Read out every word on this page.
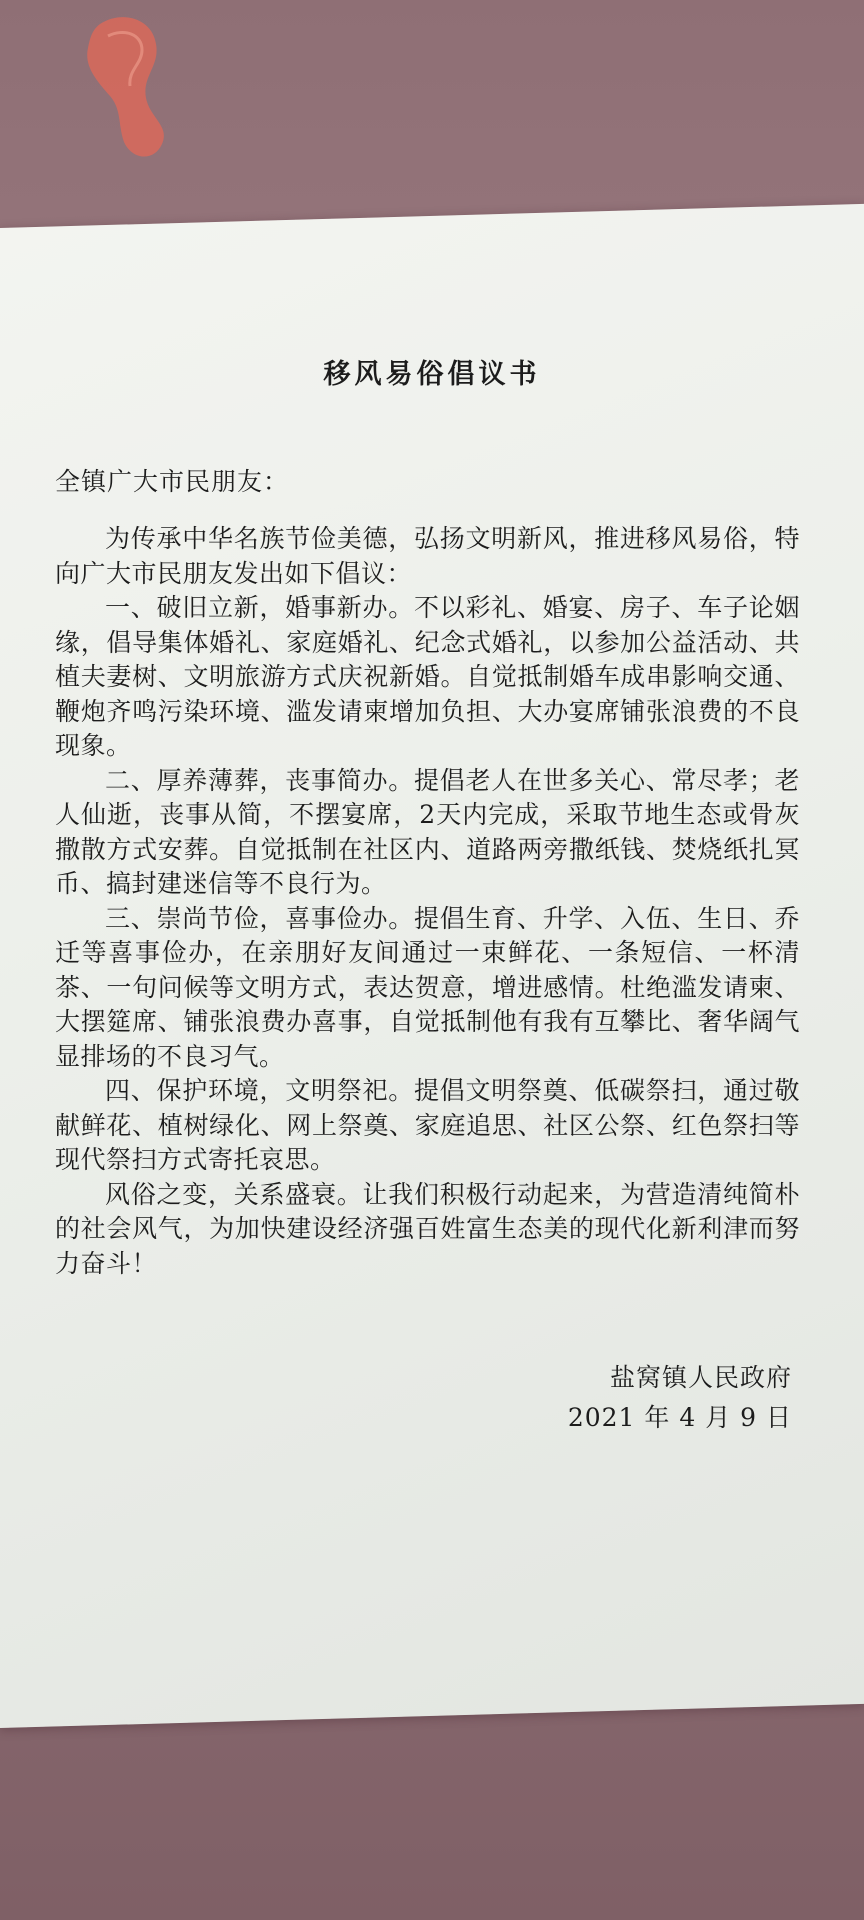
移风易俗倡议书
全镇广大市民朋友：

为传承中华名族节俭美德，弘扬文明新风，推进移风易俗，特向广大市民朋友发出如下倡议：

一、破旧立新，婚事新办。不以彩礼、婚宴、房子、车子论姻缘，倡导集体婚礼、家庭婚礼、纪念式婚礼，以参加公益活动、共植夫妻树、文明旅游方式庆祝新婚。自觉抵制婚车成串影响交通、鞭炮齐鸣污染环境、滥发请柬增加负担、大办宴席铺张浪费的不良现象。

二、厚养薄葬，丧事简办。提倡老人在世多关心、常尽孝；老人仙逝，丧事从简，不摆宴席，2天内完成，采取节地生态或骨灰撒散方式安葬。自觉抵制在社区内、道路两旁撒纸钱、焚烧纸扎冥币、搞封建迷信等不良行为。

三、崇尚节俭，喜事俭办。提倡生育、升学、入伍、生日、乔迁等喜事俭办，在亲朋好友间通过一束鲜花、一条短信、一杯清茶、一句问候等文明方式，表达贺意，增进感情。杜绝滥发请柬、大摆筵席、铺张浪费办喜事，自觉抵制他有我有互攀比、奢华阔气显排场的不良习气。

四、保护环境，文明祭祀。提倡文明祭奠、低碳祭扫，通过敬献鲜花、植树绿化、网上祭奠、家庭追思、社区公祭、红色祭扫等现代祭扫方式寄托哀思。

风俗之变，关系盛衰。让我们积极行动起来，为营造清纯简朴的社会风气，为加快建设经济强百姓富生态美的现代化新利津而努力奋斗！

盐窝镇人民政府
2021 年 4 月 9 日
